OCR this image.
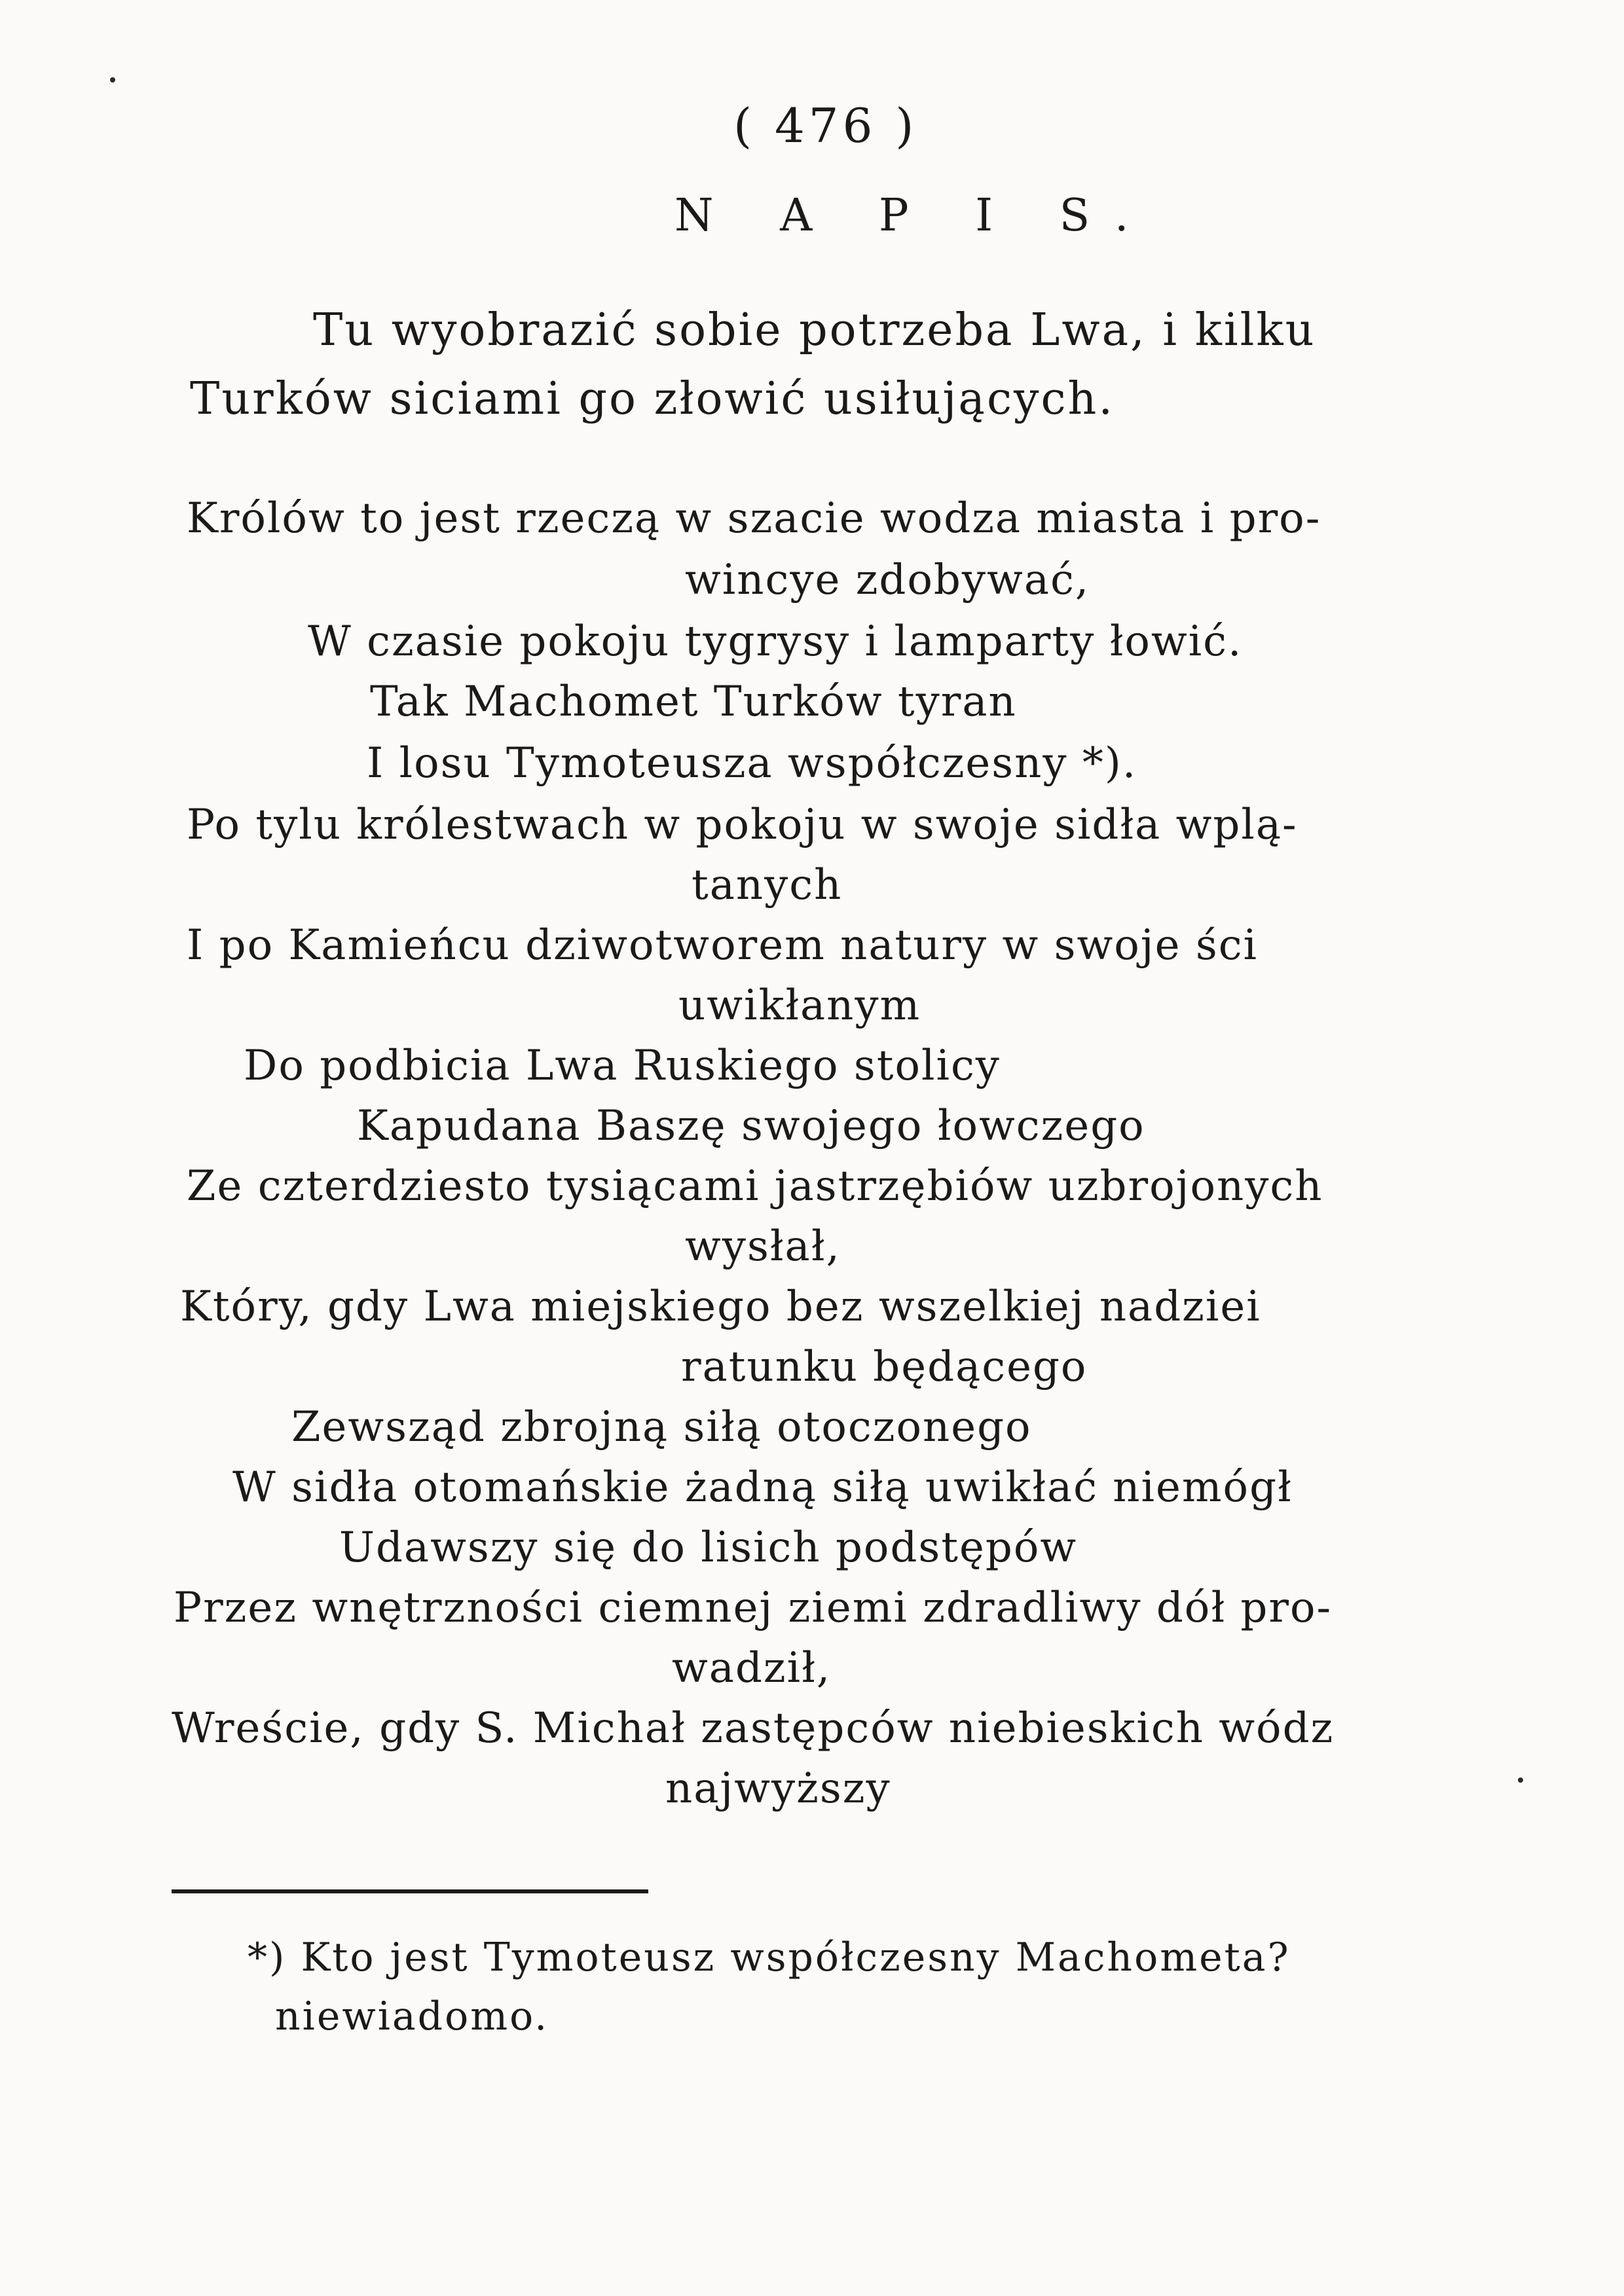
( 476 )
N A P I S.
Tu wyobrazić sobie potrzeba Lwa, i kilku
Turków siciami go złowić usiłujących.
Królów to jest rzeczą w szacie wodza miasta i pro-
wincye zdobywać,
W czasie pokoju tygrysy i lamparty łowić.
Tak Machomet Turków tyran
I losu Tymoteusza współczesny *).
Po tylu królestwach w pokoju w swoje sidła wplą-
tanych
I po Kamieńcu dziwotworem natury w swoje ści
uwikłanym
Do podbicia Lwa Ruskiego stolicy
Kapudana Baszę swojego łowczego
Ze czterdziesto tysiącami jastrzębiów uzbrojonych
wysłał,
Który, gdy Lwa miejskiego bez wszelkiej nadziei
ratunku będącego
Zewsząd zbrojną siłą otoczonego
W sidła otomańskie żadną siłą uwikłać niemógł
Udawszy się do lisich podstępów
Przez wnętrzności ciemnej ziemi zdradliwy dół pro-
wadził,
Wreście, gdy S. Michał zastępców niebieskich wódz
najwyższy
*) Kto jest Tymoteusz współczesny Machometa?
niewiadomo.
